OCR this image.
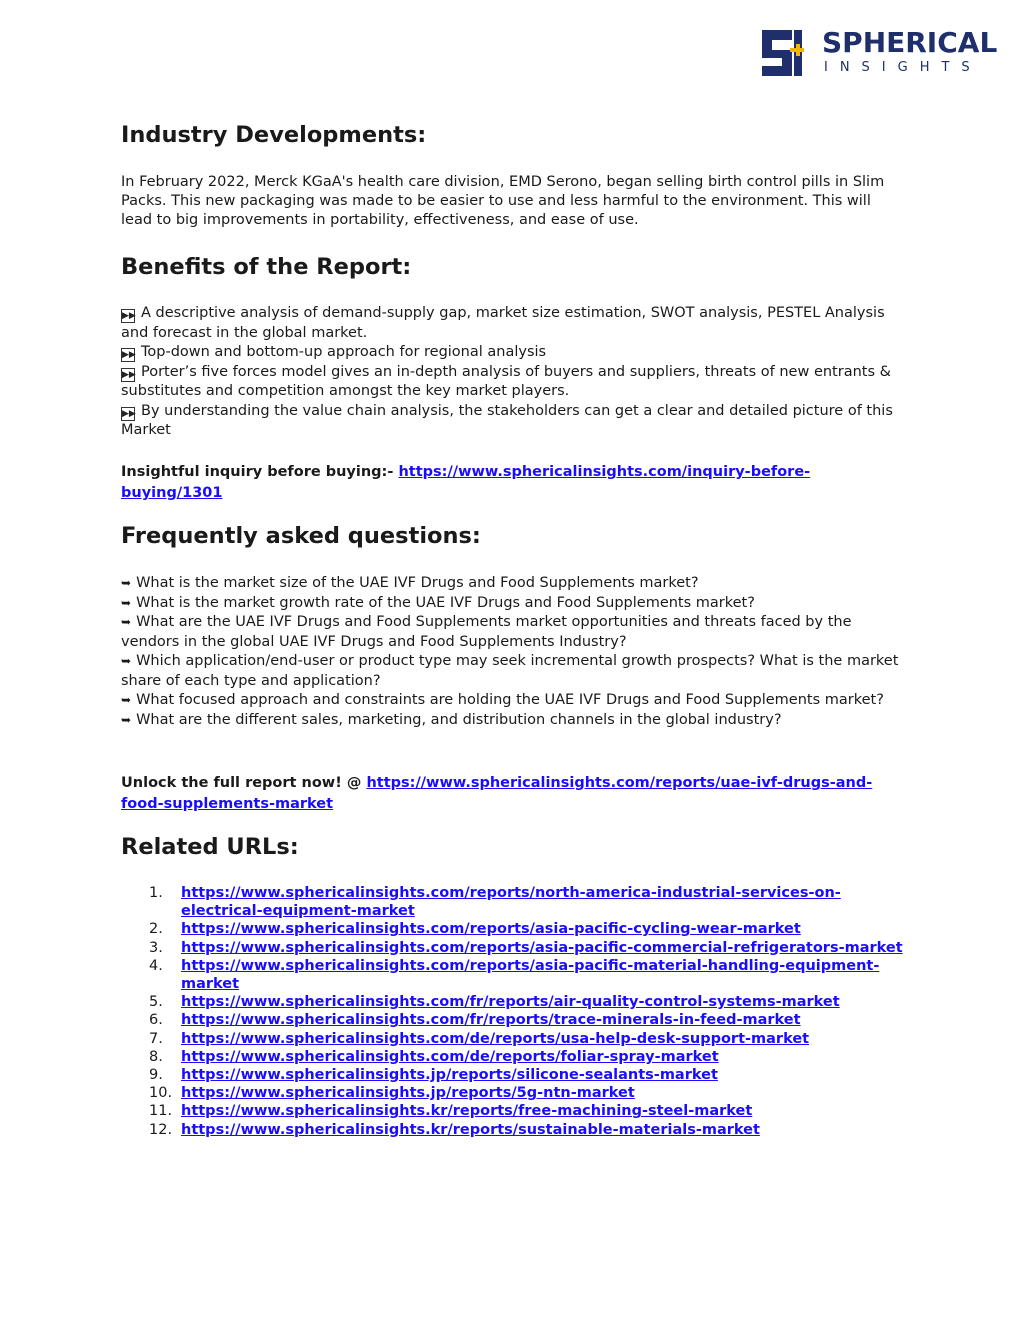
SPHERICAL
INSIGHTS
Industry Developments:

In February 2022, Merck KGaA's health care division, EMD Serono, began selling birth control pills in Slim Packs. This new packaging was made to be easier to use and less harmful to the environment. This will lead to big improvements in portability, effectiveness, and ease of use.

Benefits of the Report:
▶▶ A descriptive analysis of demand-supply gap, market size estimation, SWOT analysis, PESTEL Analysis and forecast in the global market.
▶▶ Top-down and bottom-up approach for regional analysis
▶▶ Porter’s five forces model gives an in-depth analysis of buyers and suppliers, threats of new entrants & substitutes and competition amongst the key market players.
▶▶ By understanding the value chain analysis, the stakeholders can get a clear and detailed picture of this Market
Insightful inquiry before buying:- https://www.sphericalinsights.com/inquiry-before-buying/1301
Frequently asked questions:
➥ What is the market size of the UAE IVF Drugs and Food Supplements market?
➥ What is the market growth rate of the UAE IVF Drugs and Food Supplements market?
➥ What are the UAE IVF Drugs and Food Supplements market opportunities and threats faced by the vendors in the global UAE IVF Drugs and Food Supplements Industry?
➥ Which application/end-user or product type may seek incremental growth prospects? What is the market share of each type and application?
➥ What focused approach and constraints are holding the UAE IVF Drugs and Food Supplements market?
➥ What are the different sales, marketing, and distribution channels in the global industry?
Unlock the full report now! @ https://www.sphericalinsights.com/reports/uae-ivf-drugs-and-food-supplements-market
Related URLs:
1.	https://www.sphericalinsights.com/reports/north-america-industrial-services-on-electrical-equipment-market
2.	https://www.sphericalinsights.com/reports/asia-pacific-cycling-wear-market
3.	https://www.sphericalinsights.com/reports/asia-pacific-commercial-refrigerators-market
4.	https://www.sphericalinsights.com/reports/asia-pacific-material-handling-equipment-market
5.	https://www.sphericalinsights.com/fr/reports/air-quality-control-systems-market
6.	https://www.sphericalinsights.com/fr/reports/trace-minerals-in-feed-market
7.	https://www.sphericalinsights.com/de/reports/usa-help-desk-support-market
8.	https://www.sphericalinsights.com/de/reports/foliar-spray-market
9.	https://www.sphericalinsights.jp/reports/silicone-sealants-market
10. https://www.sphericalinsights.jp/reports/5g-ntn-market
11. https://www.sphericalinsights.kr/reports/free-machining-steel-market
12. https://www.sphericalinsights.kr/reports/sustainable-materials-market
